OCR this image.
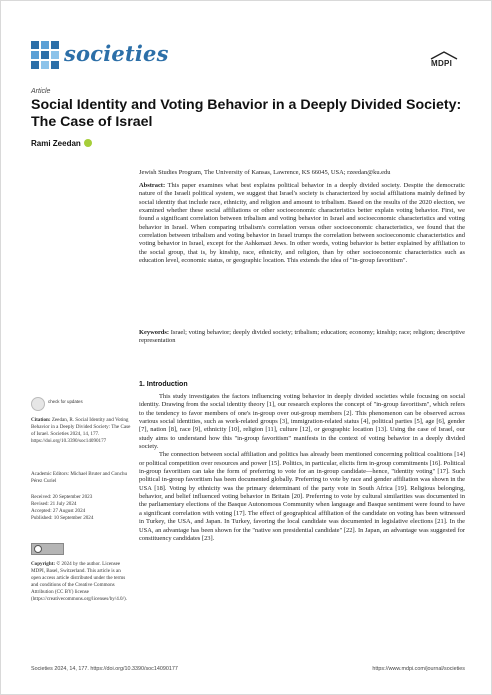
societies	MDPI
Article
Social Identity and Voting Behavior in a Deeply Divided Society: The Case of Israel
Rami Zeedan
Jewish Studies Program, The University of Kansas, Lawrence, KS 66045, USA; rzeedan@ku.edu
Abstract: This paper examines what best explains political behavior in a deeply divided society. Despite the democratic nature of the Israeli political system, we suggest that Israel's society is characterized by social affiliations mainly defined by social identity that include race, ethnicity, and religion and amount to tribalism. Based on the results of the 2020 election, we examined whether these social affiliations or other socioeconomic characteristics better explain voting behavior. First, we found a significant correlation between tribalism and voting behavior in Israel and socioeconomic characteristics and voting behavior in Israel. When comparing tribalism's correlation versus other socioeconomic characteristics, we found that the correlation between tribalism and voting behavior in Israel trumps the correlation between socioeconomic characteristics and voting behavior in Israel, except for the Ashkenazi Jews. In other words, voting behavior is better explained by affiliation to the social group, that is, by kinship, race, ethnicity, and religion, than by other socioeconomic characteristics such as education level, economic status, or geographic location. This extends the idea of "in-group favoritism".
Keywords: Israel; voting behavior; deeply divided society; tribalism; education; economy; kinship; race; religion; descriptive representation
1. Introduction

This study investigates the factors influencing voting behavior in deeply divided societies while focusing on social identity. Drawing from the social identity theory [1], our research explores the concept of "in-group favoritism", which refers to the tendency to favor members of one's in-group over out-group members [2]. This phenomenon can be observed across various social identities, such as work-related groups [3], immigration-related status [4], political parties [5], age [6], gender [7], nation [8], race [9], ethnicity [10], religion [11], culture [12], or geographic location [13]. Using the case of Israel, our study aims to understand how this "in-group favoritism" manifests in the context of voting behavior in a deeply divided society.

The connection between social affiliation and politics has already been mentioned concerning political coalitions [14] or political competition over resources and power [15]. Politics, in particular, elicits firm in-group commitments [16]. Political in-group favoritism can take the form of preferring to vote for an in-group candidate—hence, "identity voting" [17]. Such political in-group favoritism has been documented globally. Preferring to vote by race and gender affiliation was shown in the USA [18]. Voting by ethnicity was the primary determinant of the party vote in South Africa [19]. Religious belonging, behavior, and belief influenced voting behavior in Britain [20]. Preferring to vote by cultural similarities was documented in the parliamentary elections of the Basque Autonomous Community when language and Basque sentiment were found to have a significant correlation with voting [17]. The effect of geographical affiliation of the candidate on voting has been witnessed in Turkey, the USA, and Japan. In Turkey, favoring the local candidate was documented in legislative elections [21]. In the USA, an advantage has been shown for the "native son presidential candidate" [22]. In Japan, an advantage was suggested for constituency candidates [23].

check for updates
Citation: Zeedan, R. Social Identity and Voting Behavior in a Deeply Divided Society: The Case of Israel. Societies 2024, 14, 177. https://doi.org/10.3390/soc14090177
Academic Editors: Michael Bruter and Conchu Pérez Curiel
Received: 20 September 2023
Revised: 21 July 2024
Accepted: 27 August 2024
Published: 10 September 2024
Copyright: © 2024 by the author. Licensee MDPI, Basel, Switzerland. This article is an open access article distributed under the terms and conditions of the Creative Commons Attribution (CC BY) license (https://creativecommons.org/licenses/by/4.0/).
Societies 2024, 14, 177. https://doi.org/10.3390/soc14090177	https://www.mdpi.com/journal/societies
